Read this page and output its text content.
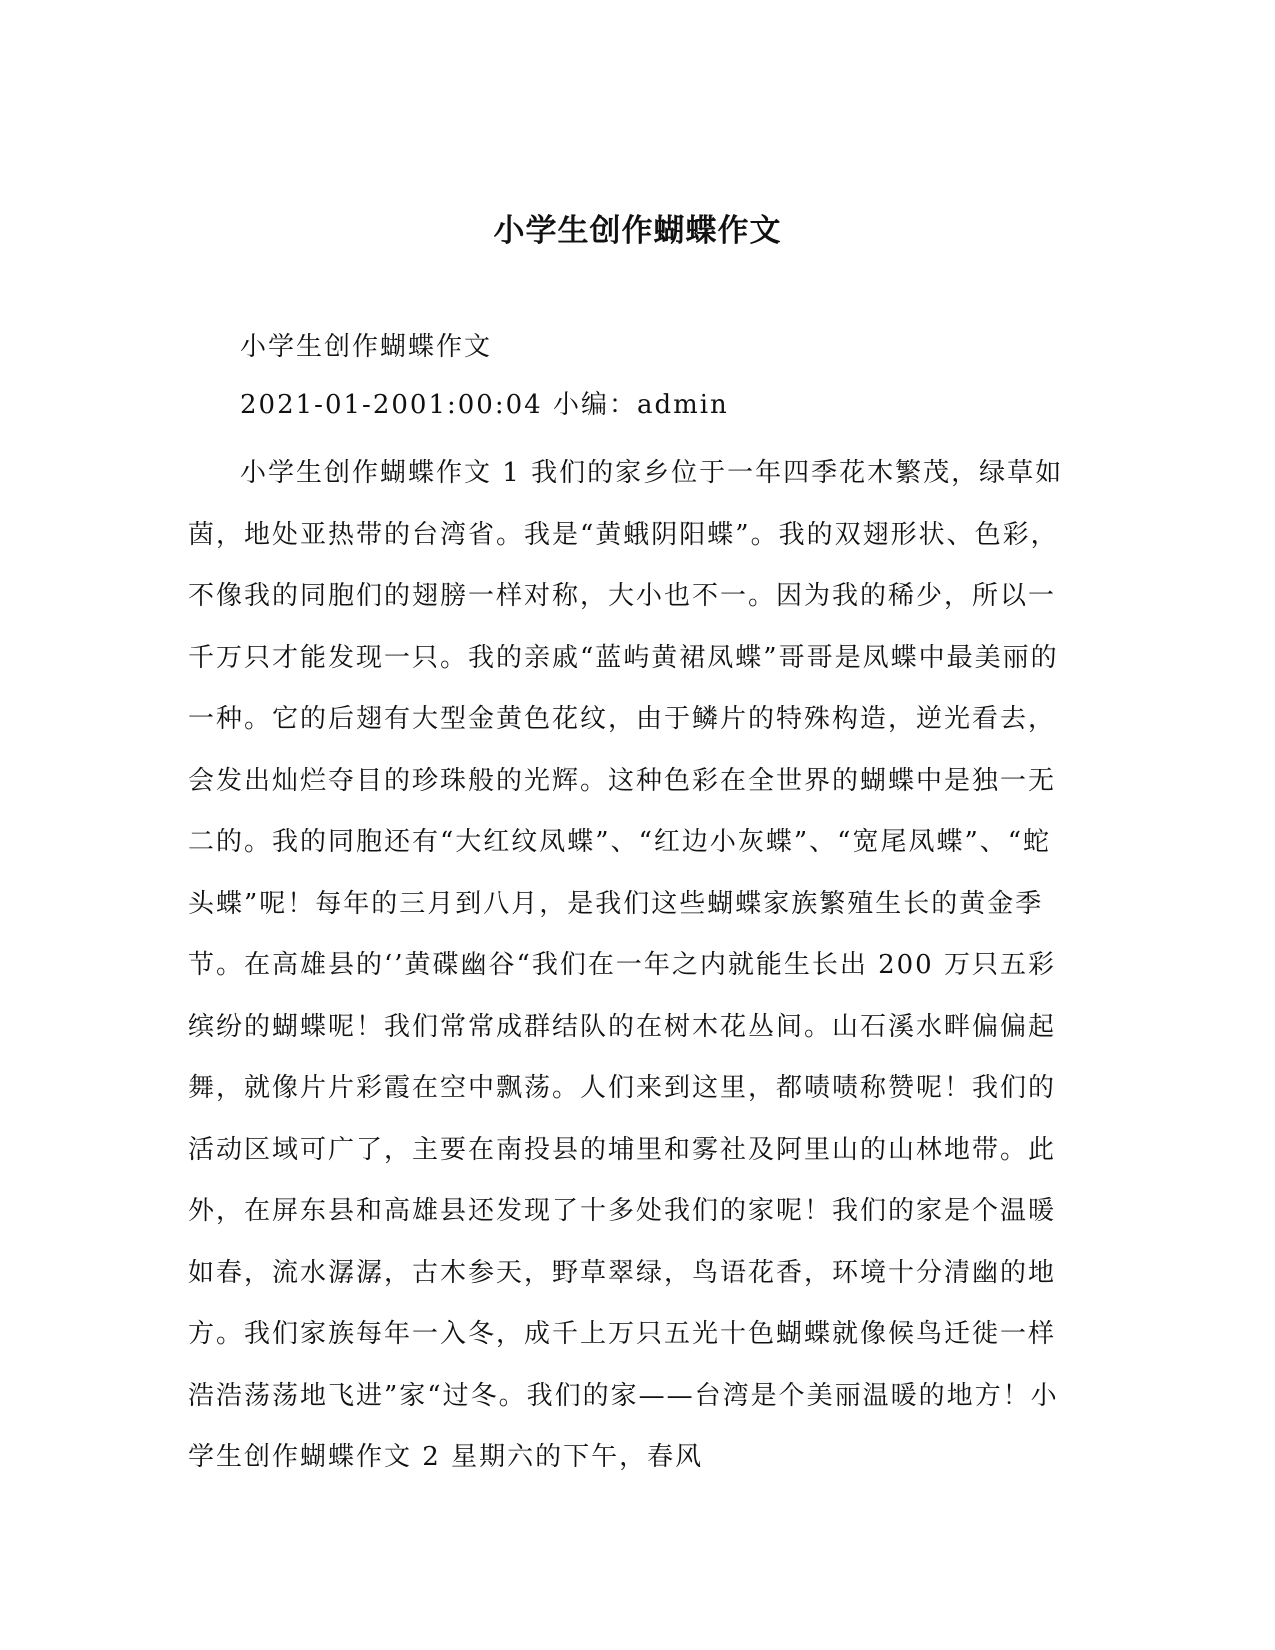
小学生创作蝴蝶作文

小学生创作蝴蝶作文

2021-01-2001:00:04 小编：admin

小学生创作蝴蝶作文 1 我们的家乡位于一年四季花木繁茂，绿草如茵，地处亚热带的台湾省。我是“黄蛾阴阳蝶”。我的双翅形状、色彩，不像我的同胞们的翅膀一样对称，大小也不一。因为我的稀少，所以一千万只才能发现一只。我的亲戚“蓝屿黄裙凤蝶”哥哥是凤蝶中最美丽的一种。它的后翅有大型金黄色花纹，由于鳞片的特殊构造，逆光看去，会发出灿烂夺目的珍珠般的光辉。这种色彩在全世界的蝴蝶中是独一无二的。我的同胞还有“大红纹凤蝶”、“红边小灰蝶”、“宽尾凤蝶”、“蛇头蝶”呢！每年的三月到八月，是我们这些蝴蝶家族繁殖生长的黄金季节。在高雄县的‘’黄碟幽谷“我们在一年之内就能生长出 200 万只五彩缤纷的蝴蝶呢！我们常常成群结队的在树木花丛间。山石溪水畔偏偏起舞，就像片片彩霞在空中飘荡。人们来到这里，都啧啧称赞呢！我们的活动区域可广了，主要在南投县的埔里和雾社及阿里山的山林地带。此外，在屏东县和高雄县还发现了十多处我们的家呢！我们的家是个温暖如春，流水潺潺，古木参天，野草翠绿，鸟语花香，环境十分清幽的地方。我们家族每年一入冬，成千上万只五光十色蝴蝶就像候鸟迁徙一样浩浩荡荡地飞进”家“过冬。我们的家——台湾是个美丽温暖的地方！小学生创作蝴蝶作文 2 星期六的下午，春风
